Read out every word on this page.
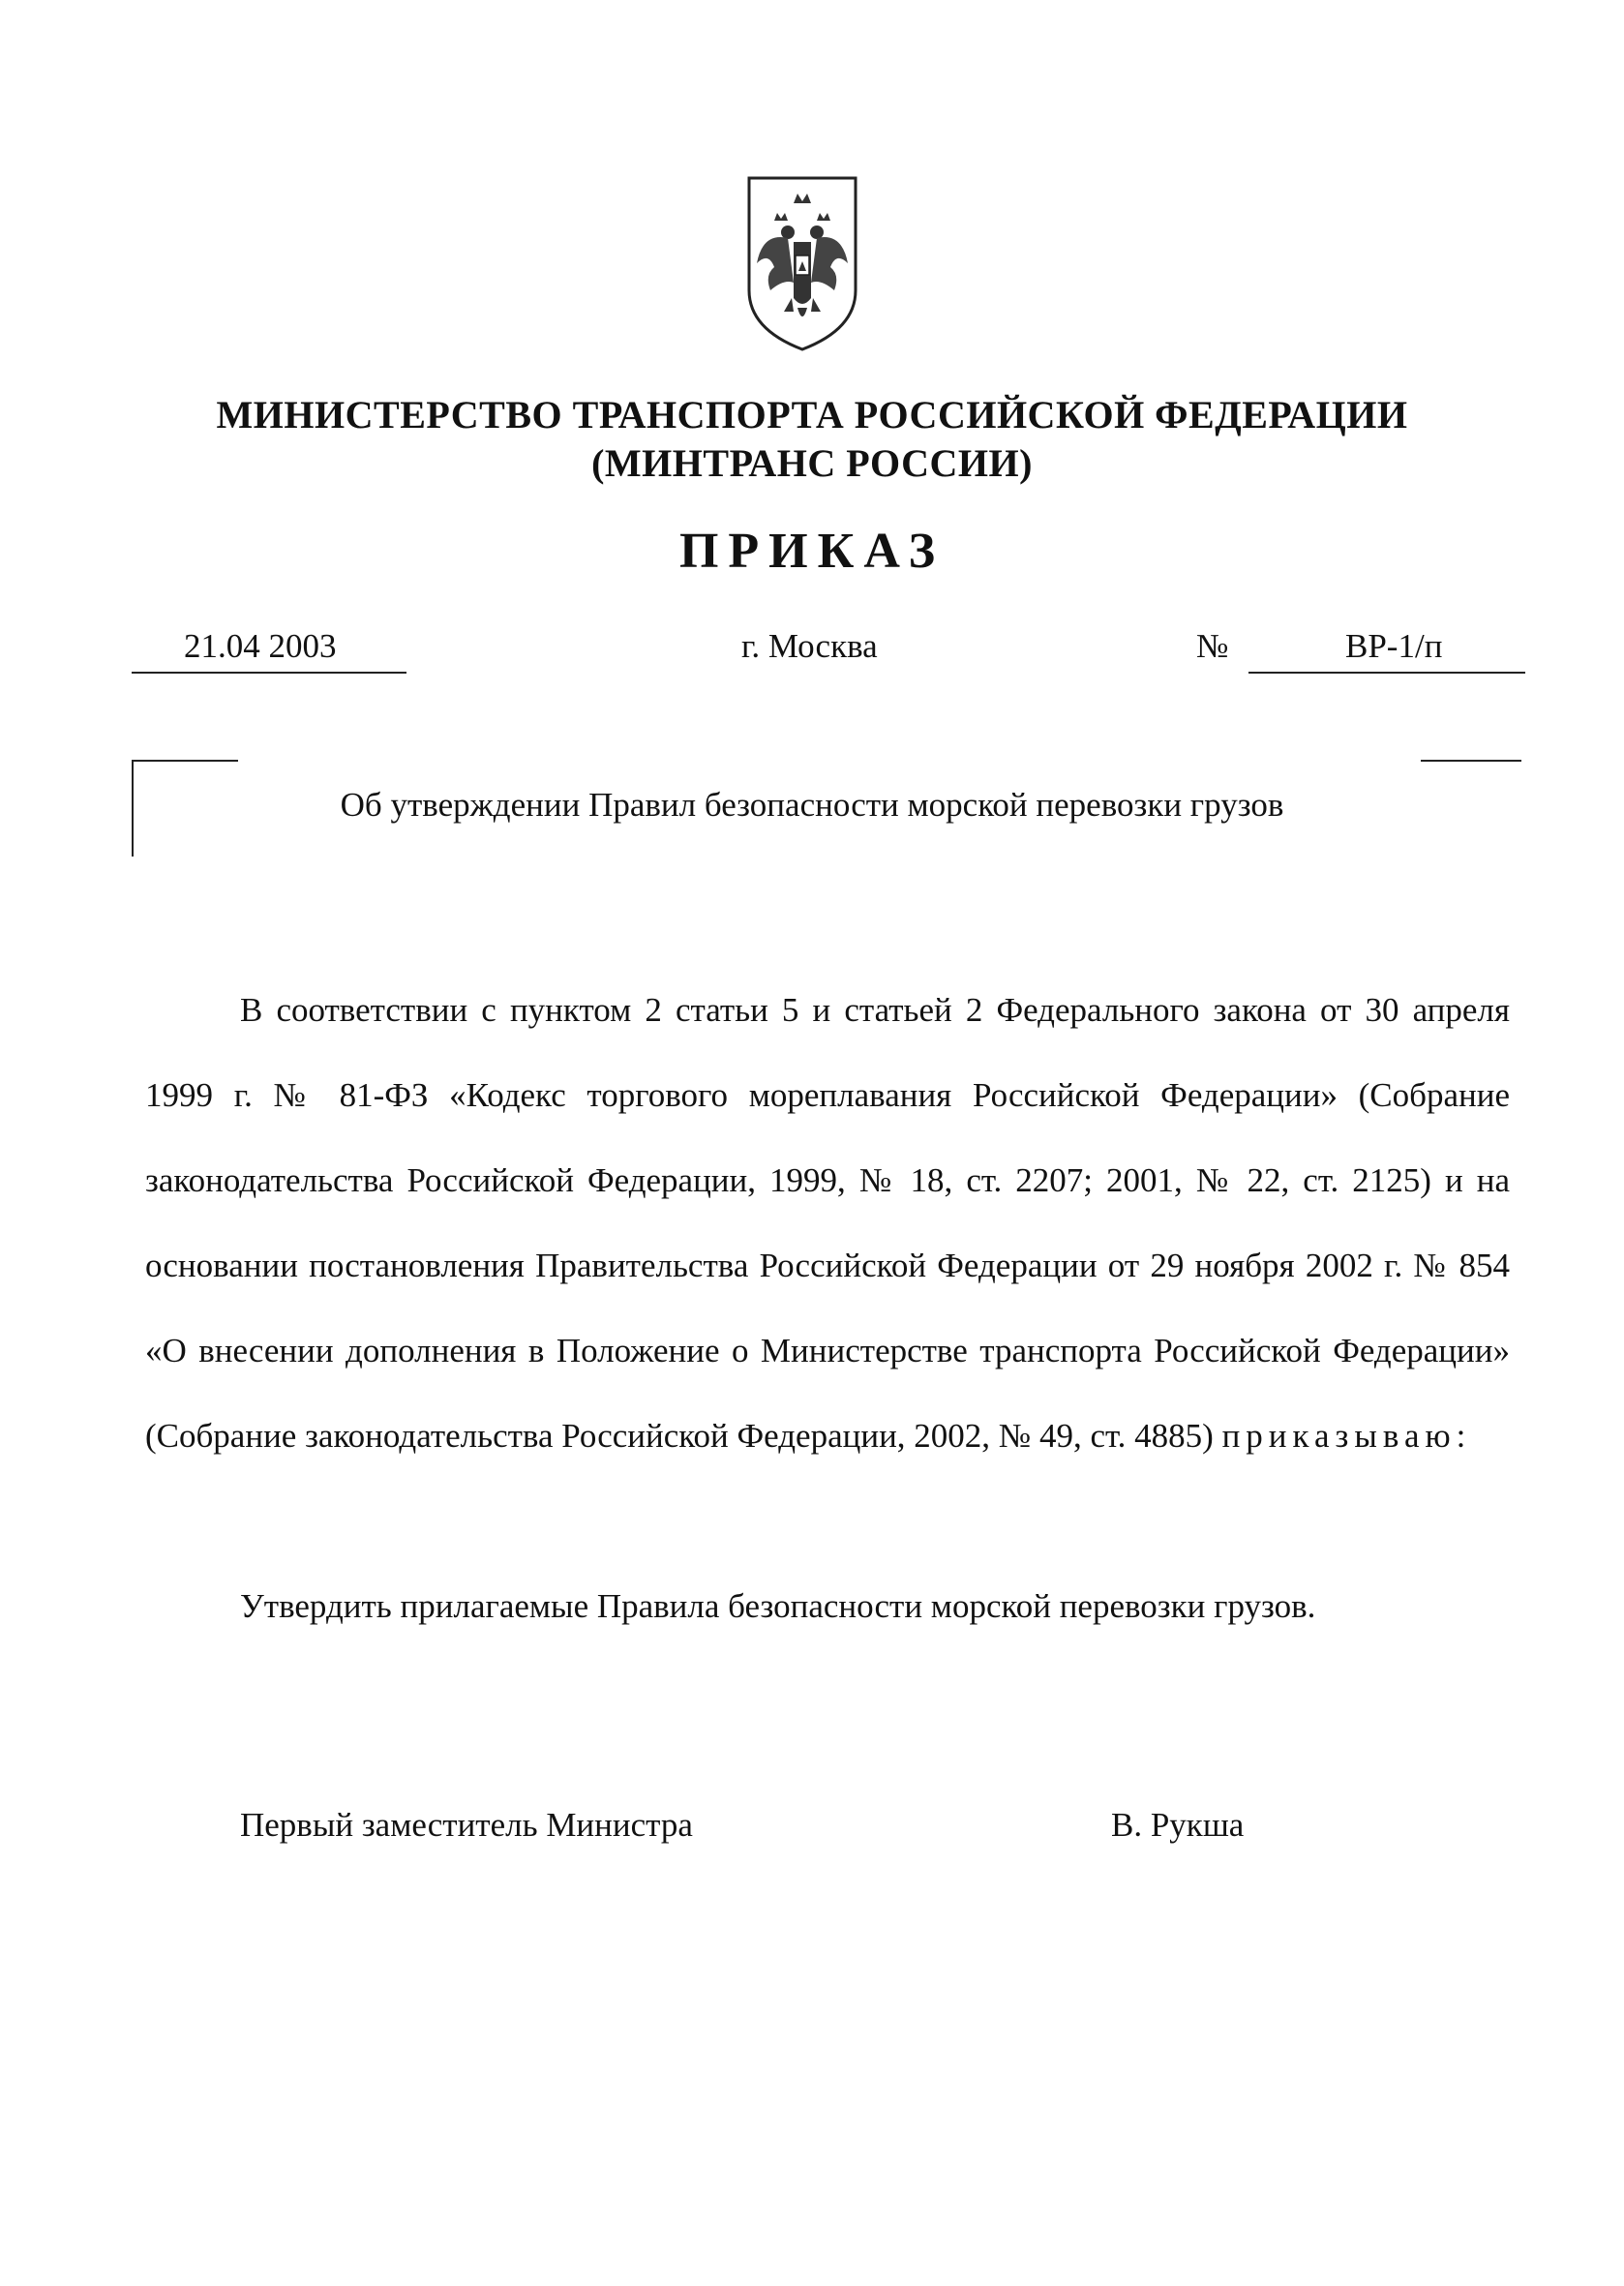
МИНИСТЕРСТВО ТРАНСПОРТА РОССИЙСКОЙ ФЕДЕРАЦИИ
(МИНТРАНС РОССИИ)
ПРИКАЗ
21.04 2003	г. Москва	№	ВР-1/п
Об утверждении Правил безопасности морской перевозки грузов
В соответствии с пунктом 2 статьи 5 и статьей 2 Федерального закона от 30 апреля 1999 г. № 81-ФЗ «Кодекс торгового мореплавания Российской Федерации» (Собрание законодательства Российской Федерации, 1999, № 18, ст. 2207; 2001, № 22, ст. 2125) и на основании постановления Правительства Российской Федерации от 29 ноября 2002 г. № 854 «О внесении дополнения в Положение о Министерстве транспорта Российской Федерации» (Собрание законодательства Российской Федерации, 2002, № 49, ст. 4885) приказываю:
Утвердить прилагаемые Правила безопасности морской перевозки грузов.
Первый заместитель Министра	В. Рукша
